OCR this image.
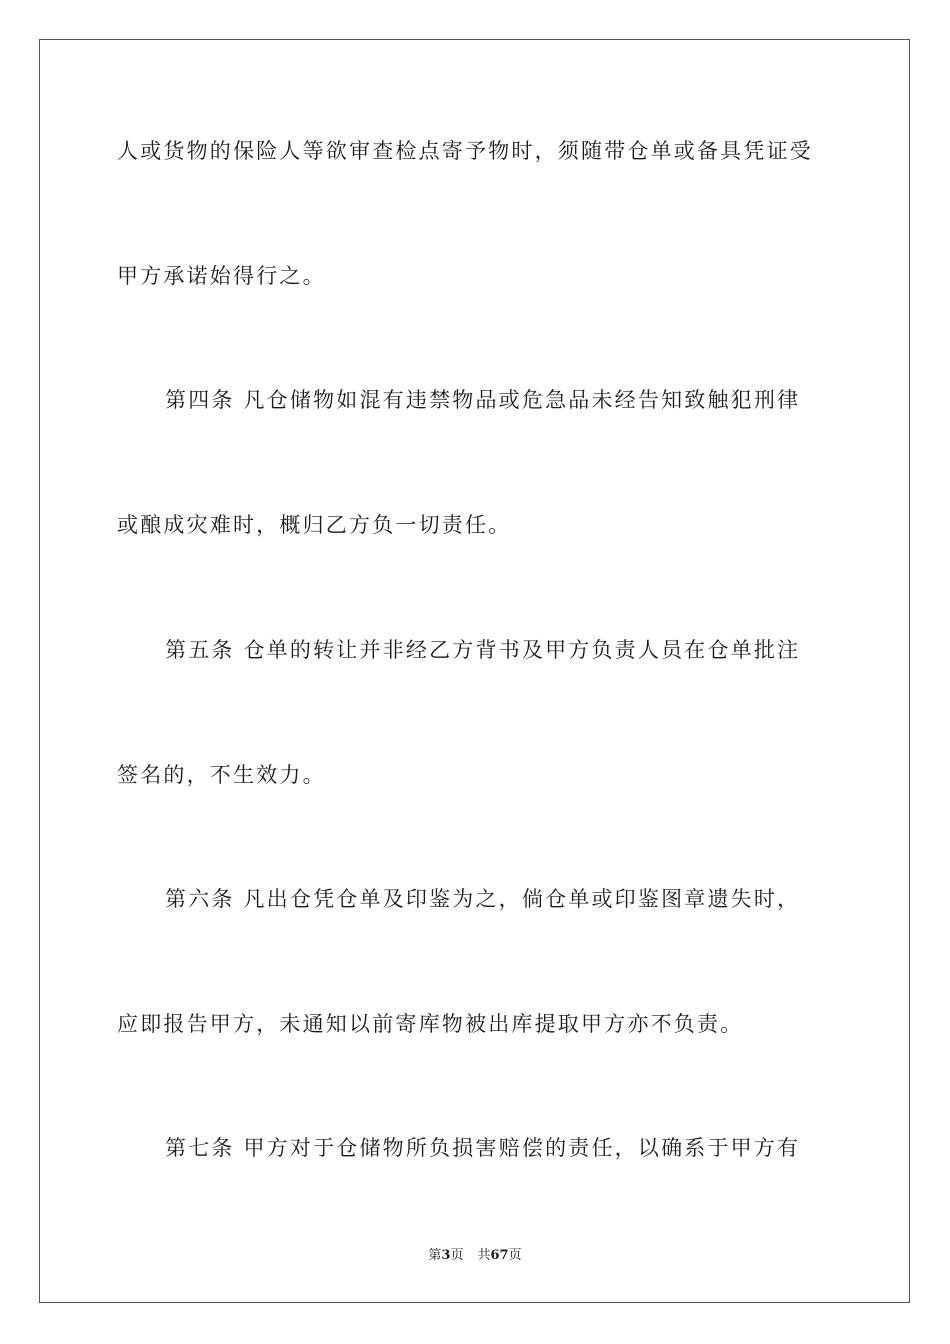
人或货物的保险人等欲审查检点寄予物时，须随带仓单或备具凭证受
甲方承诺始得行之。
第四条 凡仓储物如混有违禁物品或危急品未经告知致触犯刑律
或酿成灾难时，概归乙方负一切责任。
第五条 仓单的转让并非经乙方背书及甲方负责人员在仓单批注
签名的，不生效力。
第六条 凡出仓凭仓单及印鉴为之，倘仓单或印鉴图章遗失时，
应即报告甲方，未通知以前寄库物被出库提取甲方亦不负责。
第七条 甲方对于仓储物所负损害赔偿的责任，以确系于甲方有
第3页 共67页
